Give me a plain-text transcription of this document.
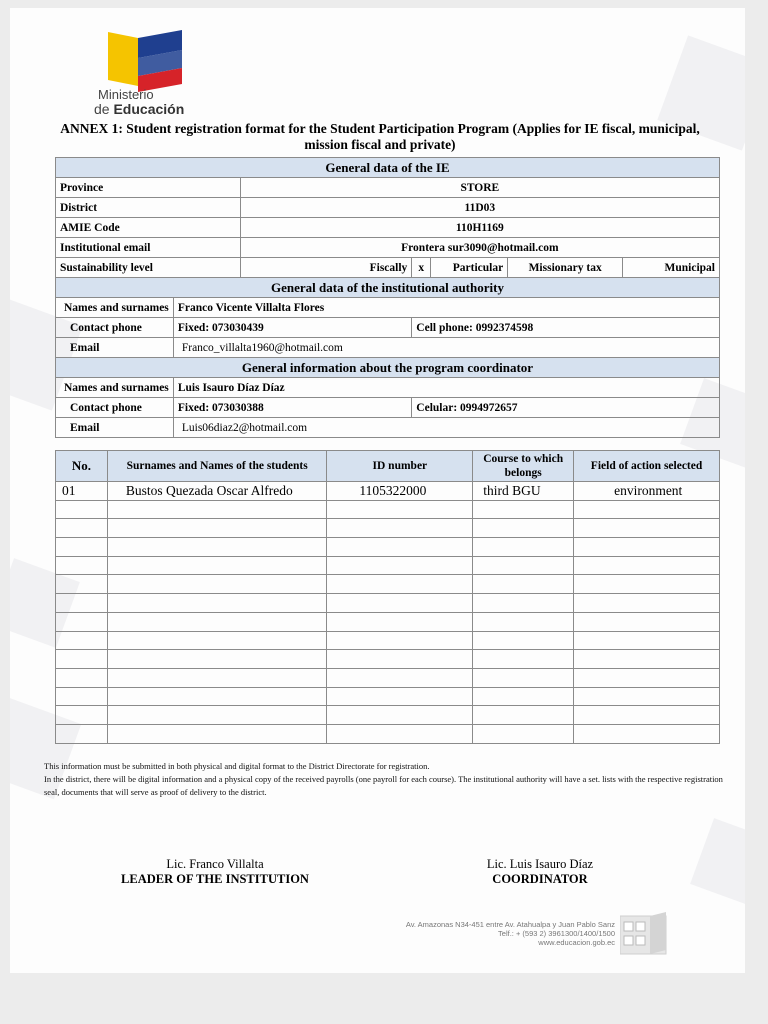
Ministerio
de Educación
ANNEX 1: Student registration format for the Student Participation Program (Applies for IE fiscal, municipal, mission fiscal and private)
General data of the IE						
Province		STORE				
District		11D03				
AMIE Code		110H1169				
Institutional email		Frontera sur3090@hotmail.com				
Sustainability level		Fiscally	x	Particular	Missionary tax	Municipal
General data of the institutional authority						
Names and surnames	Franco Vicente Villalta Flores					
Contact phone	Fixed: 073030439		Cell phone: 0992374598			
Email	Franco_villalta1960@hotmail.com					
General information about the program coordinator						
Names and surnames	Luis Isauro Díaz Díaz					
Contact phone	Fixed: 073030388		Celular: 0994972657			
Email	Luis06diaz2@hotmail.com					
No.	Surnames and Names of the students	ID number	Course to which belongs	Field of action selected
01	Bustos Quezada Oscar Alfredo	1105322000	third BGU	environment

This information must be submitted in both physical and digital format to the District Directorate for registration.
In the district, there will be digital information and a physical copy of the received payrolls (one payroll for each course). The institutional authority will have a set. lists with the respective registration seal, documents that will serve as proof of delivery to the district.
Lic. Franco Villalta
LEADER OF THE INSTITUTION
Lic. Luis Isauro Díaz
COORDINATOR
Av. Amazonas N34-451 entre Av. Atahualpa y Juan Pablo Sanz
Telf.: + (593 2) 3961300/1400/1500
www.educacion.gob.ec
